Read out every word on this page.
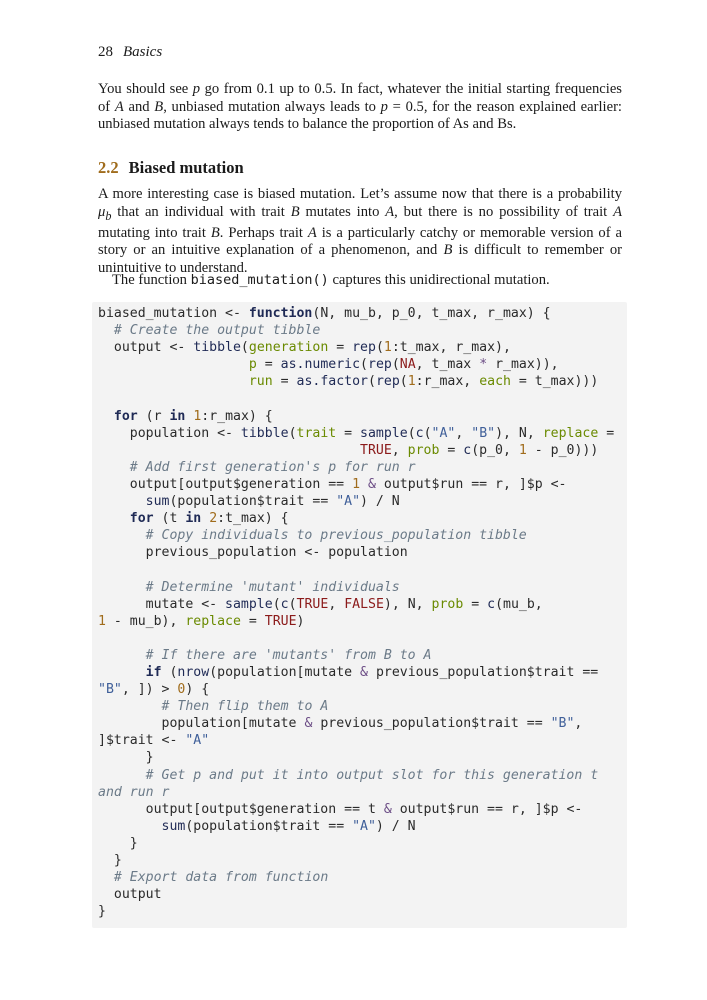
28 Basics

You should see p go from 0.1 up to 0.5. In fact, whatever the initial starting frequencies of A and B, unbiased mutation always leads to p = 0.5, for the reason explained earlier: unbiased mutation always tends to balance the proportion of As and Bs.

2.2 Biased mutation

A more interesting case is biased mutation. Let’s assume now that there is a probability $\mu_b$ that an individual with trait B mutates into A, but there is no possibility of trait A mutating into trait B. Perhaps trait A is a particularly catchy or memorable version of a story or an intuitive explanation of a phenomenon, and B is difficult to remember or unintuitive to understand.

The function biased_mutation() captures this unidirectional mutation.

biased_mutation <- function(N, mu_b, p_0, t_max, r_max) {
# Create the output tibble
output <- tibble(generation = rep(1:t_max, r_max),
p = as.numeric(rep(NA, t_max * r_max)),
run = as.factor(rep(1:r_max, each = t_max)))

for (r in 1:r_max) {
population <- tibble(trait = sample(c("A", "B"), N, replace =
TRUE, prob = c(p_0, 1 - p_0)))
# Add first generation's p for run r
output[output$generation == 1 & output$run == r, ]$p <-
sum(population$trait == "A") / N
for (t in 2:t_max) {
# Copy individuals to previous_population tibble
previous_population <- population

# Determine 'mutant' individuals
mutate <- sample(c(TRUE, FALSE), N, prob = c(mu_b,
1 - mu_b), replace = TRUE)

# If there are 'mutants' from B to A
if (nrow(population[mutate & previous_population$trait ==
"B", ]) > 0) {
# Then flip them to A
population[mutate & previous_population$trait == "B",
]$trait <- "A"
}
# Get p and put it into output slot for this generation t
and run r
output[output$generation == t & output$run == r, ]$p <-
sum(population$trait == "A") / N
}
}
# Export data from function
output
}
